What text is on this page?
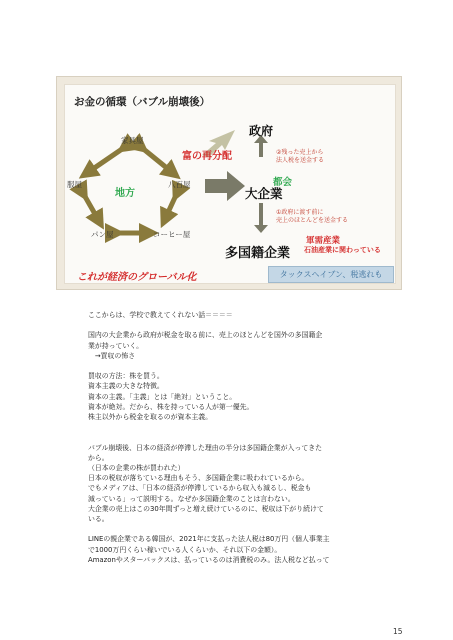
お金の循環（バブル崩壊後）
家具屋
服屋	八百屋
パン屋	コーヒー屋
地方
政府
富の再分配	②残った売上から
法人税を送金する
都会
大企業
①政府に渡す前に
売上のほとんどを送金する
軍需産業
石油産業に関わっている
多国籍企業
これが経済のグローバル化	タックスヘイブン、税逃れも
ここからは、学校で教えてくれない話＝＝＝＝

国内の大企業から政府が税金を取る前に、売上のほとんどを国外の多国籍企
業が持っていく。
　→買収の怖さ

買収の方法：株を買う。
資本主義の大きな特徴。
資本の主義。「主義」とは「絶対」ということ。
資本が絶対。だから、株を持っている人が第一優先。
株主以外から税金を取るのが資本主義。

バブル崩壊後、日本の経済が停滞した理由の半分は多国籍企業が入ってきた
から。
（日本の企業の株が買われた）
日本の税収が落ちている理由もそう、多国籍企業に吸われているから。
でもメディアは、「日本の経済が停滞しているから収入も減るし、税金も
減っている」って説明する。なぜか多国籍企業のことは言わない。
大企業の売上はこの30年間ずっと増え続けているのに、税収は下がり続けて
いる。

LINEの親企業である韓国が、2021年に支払った法人税は80万円（個人事業主
で1000万円くらい稼いでいる人くらいか、それ以下の金額）。
Amazonやスターバックスは、払っているのは消費税のみ。法人税など払って
15
